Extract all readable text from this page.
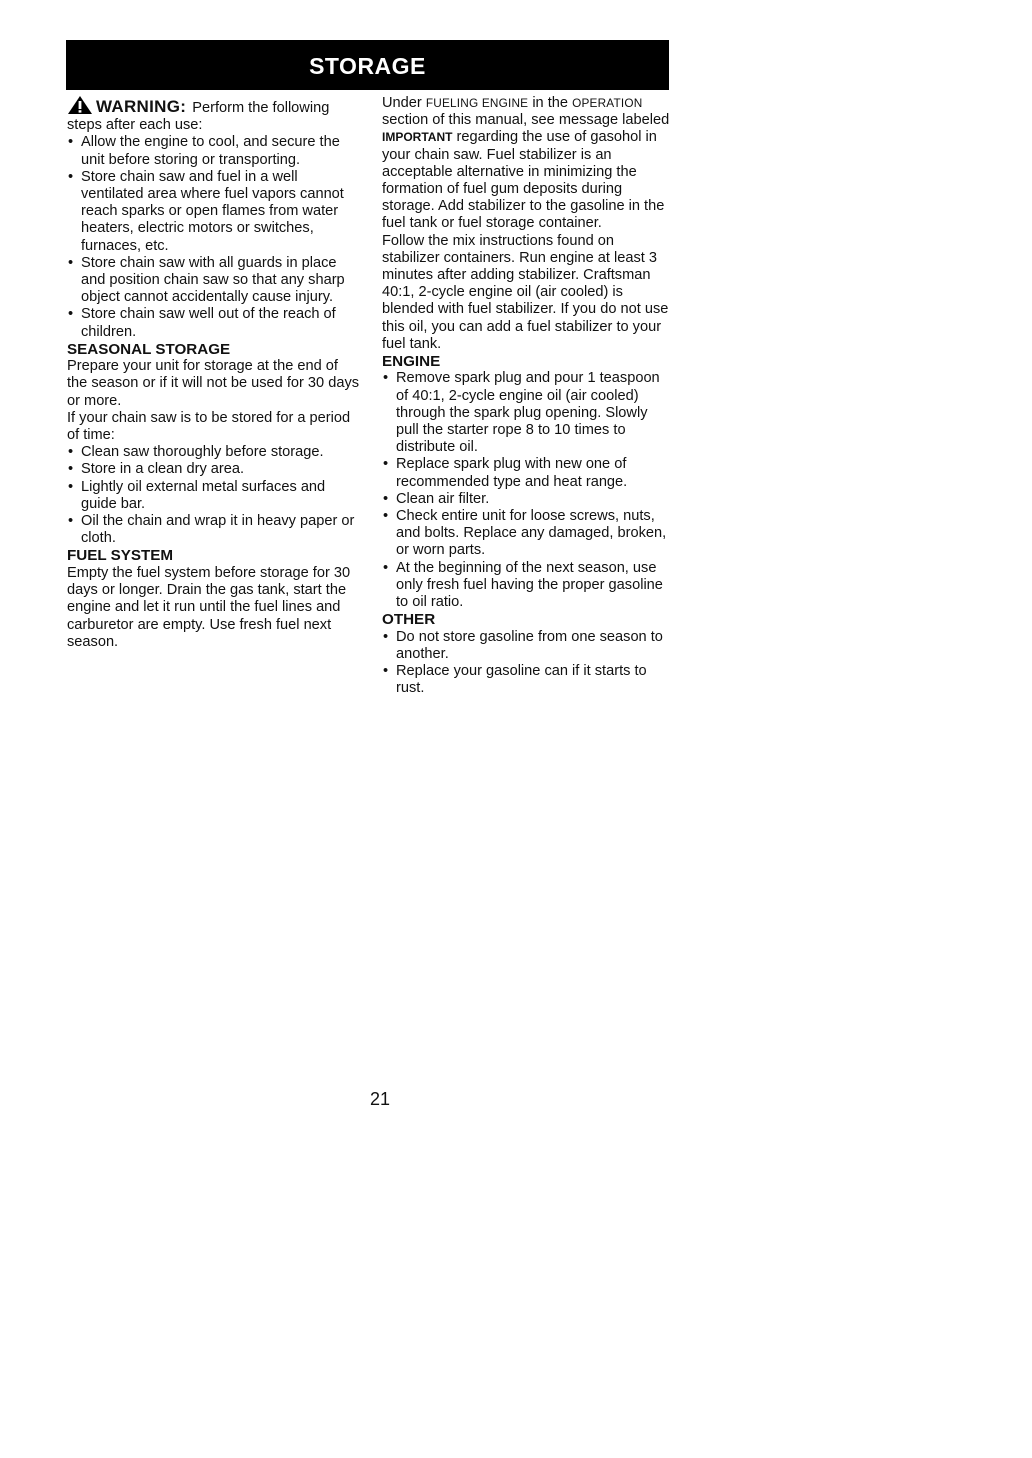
STORAGE

WARNING: Perform the following steps after each use:

• Allow the engine to cool, and secure the unit before storing or transporting.
• Store chain saw and fuel in a well ventilated area where fuel vapors cannot reach sparks or open flames from water heaters, electric motors or switches, furnaces, etc.
• Store chain saw with all guards in place and position chain saw so that any sharp object cannot accidentally cause injury.
• Store chain saw well out of the reach of children.

SEASONAL STORAGE

Prepare your unit for storage at the end of the season or if it will not be used for 30 days or more.

If your chain saw is to be stored for a period of time:

• Clean saw thoroughly before storage.
• Store in a clean dry area.
• Lightly oil external metal surfaces and guide bar.
• Oil the chain and wrap it in heavy paper or cloth.

FUEL SYSTEM

Empty the fuel system before storage for 30 days or longer. Drain the gas tank, start the engine and let it run until the fuel lines and carburetor are empty. Use fresh fuel next season.

Under FUELING ENGINE in the OPERATION section of this manual, see message labeled IMPORTANT regarding the use of gasohol in your chain saw. Fuel stabilizer is an acceptable alternative in minimizing the formation of fuel gum deposits during storage. Add stabilizer to the gasoline in the fuel tank or fuel storage container.

Follow the mix instructions found on stabilizer containers. Run engine at least 3 minutes after adding stabilizer. Craftsman 40:1, 2-cycle engine oil (air cooled) is blended with fuel stabilizer. If you do not use this oil, you can add a fuel stabilizer to your fuel tank.

ENGINE

• Remove spark plug and pour 1 teaspoon of 40:1, 2-cycle engine oil (air cooled) through the spark plug opening. Slowly pull the starter rope 8 to 10 times to distribute oil.
• Replace spark plug with new one of recommended type and heat range.
• Clean air filter.
• Check entire unit for loose screws, nuts, and bolts. Replace any damaged, broken, or worn parts.
• At the beginning of the next season, use only fresh fuel having the proper gasoline to oil ratio.

OTHER

• Do not store gasoline from one season to another.
• Replace your gasoline can if it starts to rust.
21
